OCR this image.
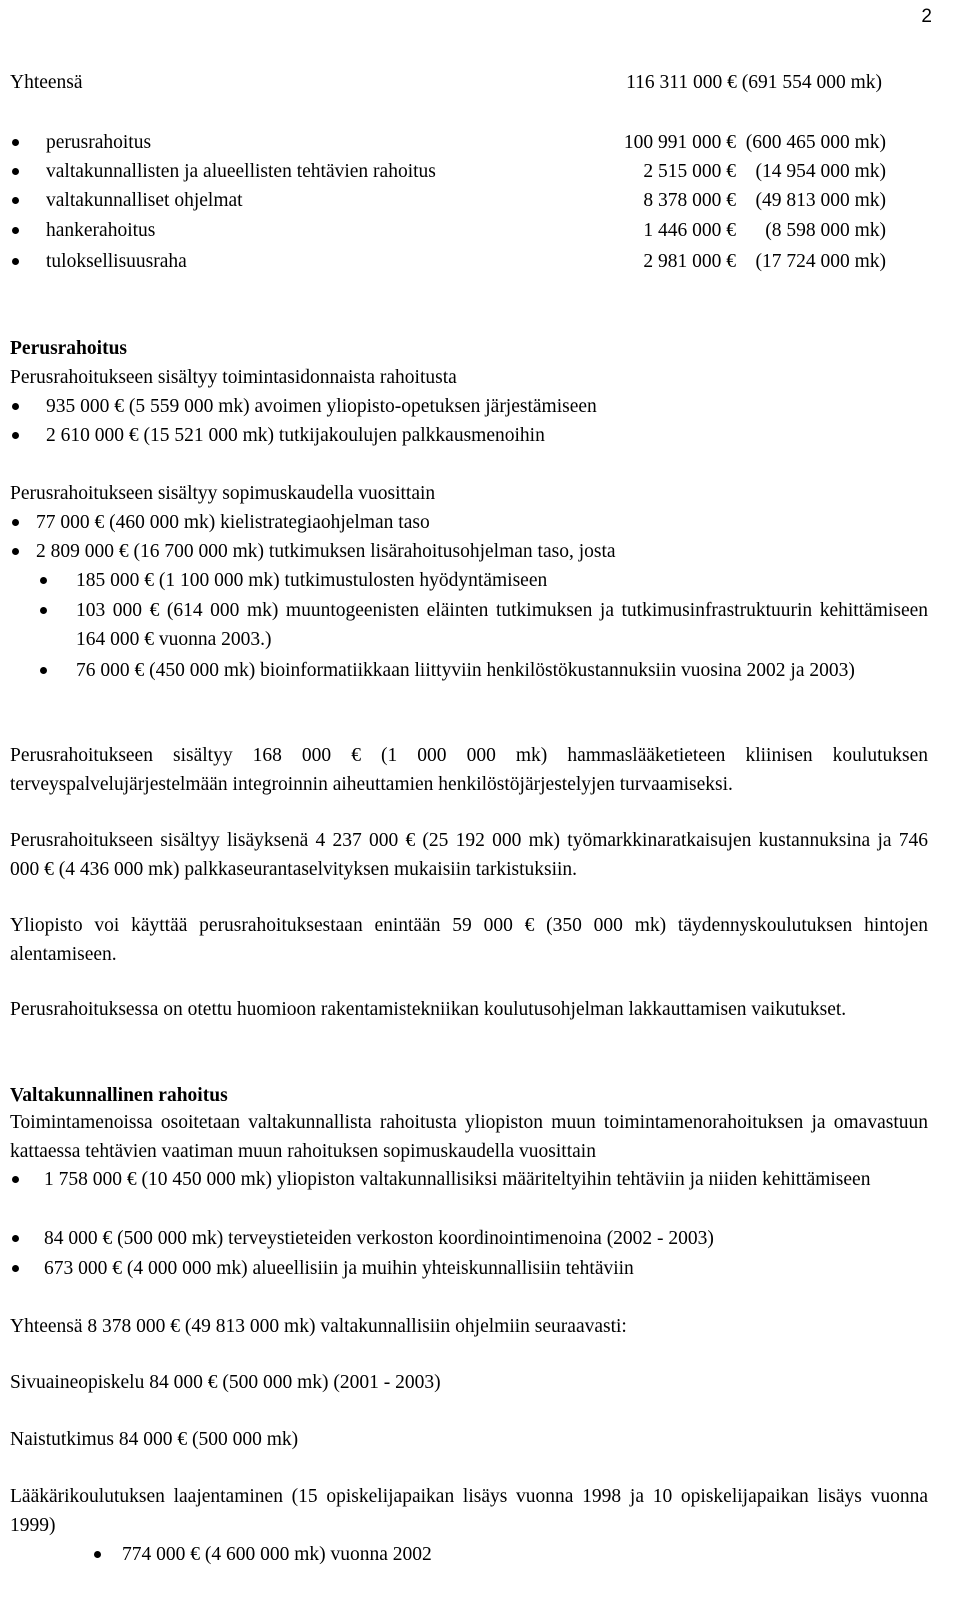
2
Yhteensä	116 311 000 € (691 554 000 mk)
perusrahoitus	100 991 000 €  (600 465 000 mk)
valtakunnallisten ja alueellisten tehtävien rahoitus	2 515 000 €    (14 954 000 mk)
valtakunnalliset ohjelmat	8 378 000 €    (49 813 000 mk)
hankerahoitus	1 446 000 €      (8 598 000 mk)
tuloksellisuusraha	2 981 000 €    (17 724 000 mk)
Perusrahoitus
Perusrahoitukseen sisältyy toimintasidonnaista rahoitusta
935 000 € (5 559 000 mk) avoimen yliopisto-opetuksen järjestämiseen
2 610 000 € (15 521 000 mk) tutkijakoulujen palkkausmenoihin
Perusrahoitukseen sisältyy sopimuskaudella vuosittain
77 000 € (460 000 mk) kielistrategiaohjelman taso
2 809 000 € (16 700 000 mk) tutkimuksen lisärahoitusohjelman taso, josta
185 000 € (1 100 000 mk) tutkimustulosten hyödyntämiseen
103 000 € (614 000 mk) muuntogeenisten eläinten tutkimuksen ja tutkimusinfrastruktuurin kehittämiseen 164 000 € vuonna 2003.)
76 000 € (450 000 mk) bioinformatiikkaan liittyviin henkilöstökustannuksiin vuosina 2002 ja 2003)
Perusrahoitukseen sisältyy 168 000 € (1 000 000 mk) hammaslääketieteen kliinisen koulutuksen terveyspalvelujärjestelmään integroinnin aiheuttamien henkilöstöjärjestelyjen turvaamiseksi.
Perusrahoitukseen sisältyy lisäyksenä 4 237 000 € (25 192 000 mk) työmarkkinaratkaisujen kustannuksina ja 746 000 € (4 436 000 mk) palkkaseurantaselvityksen mukaisiin tarkistuksiin.
Yliopisto voi käyttää perusrahoituksestaan enintään 59 000 € (350 000 mk) täydennyskoulutuksen hintojen alentamiseen.
Perusrahoituksessa on otettu huomioon rakentamistekniikan koulutusohjelman lakkauttamisen vaikutukset.
Valtakunnallinen rahoitus
Toimintamenoissa osoitetaan valtakunnallista rahoitusta yliopiston muun toimintamenorahoituksen ja omavastuun kattaessa tehtävien vaatiman muun rahoituksen sopimuskaudella vuosittain
1 758 000 € (10 450 000 mk) yliopiston valtakunnallisiksi määriteltyihin tehtäviin ja niiden kehittämiseen
84 000 € (500 000 mk) terveystieteiden verkoston koordinointimenoina (2002 - 2003)
673 000 € (4 000 000 mk) alueellisiin ja muihin yhteiskunnallisiin tehtäviin
Yhteensä 8 378 000 € (49 813 000 mk) valtakunnallisiin ohjelmiin seuraavasti:
Sivuaineopiskelu 84 000 € (500 000 mk) (2001 - 2003)
Naistutkimus 84 000 € (500 000 mk)
Lääkärikoulutuksen laajentaminen (15 opiskelijapaikan lisäys vuonna 1998 ja 10 opiskelijapaikan lisäys vuonna 1999)
774 000 € (4 600 000 mk) vuonna 2002
